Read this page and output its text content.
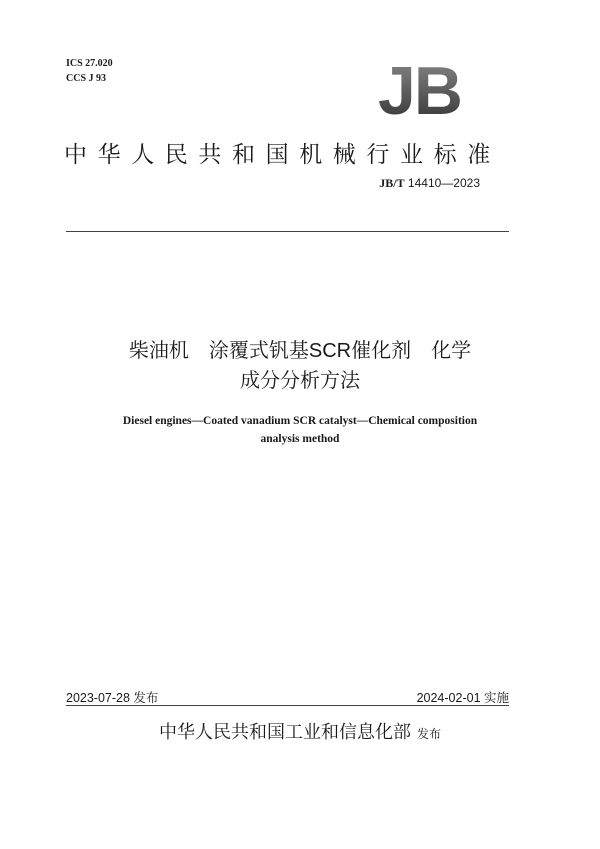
ICS 27.020
CCS J 93	JB
中华人民共和国机械行业标准
JB/T 14410—2023
柴油机　涂覆式钒基SCR催化剂　化学
成分分析方法
Diesel engines—Coated vanadium SCR catalyst—Chemical composition
analysis method
2023-07-28 发布	2024-02-01 实施
中华人民共和国工业和信息化部 发布
